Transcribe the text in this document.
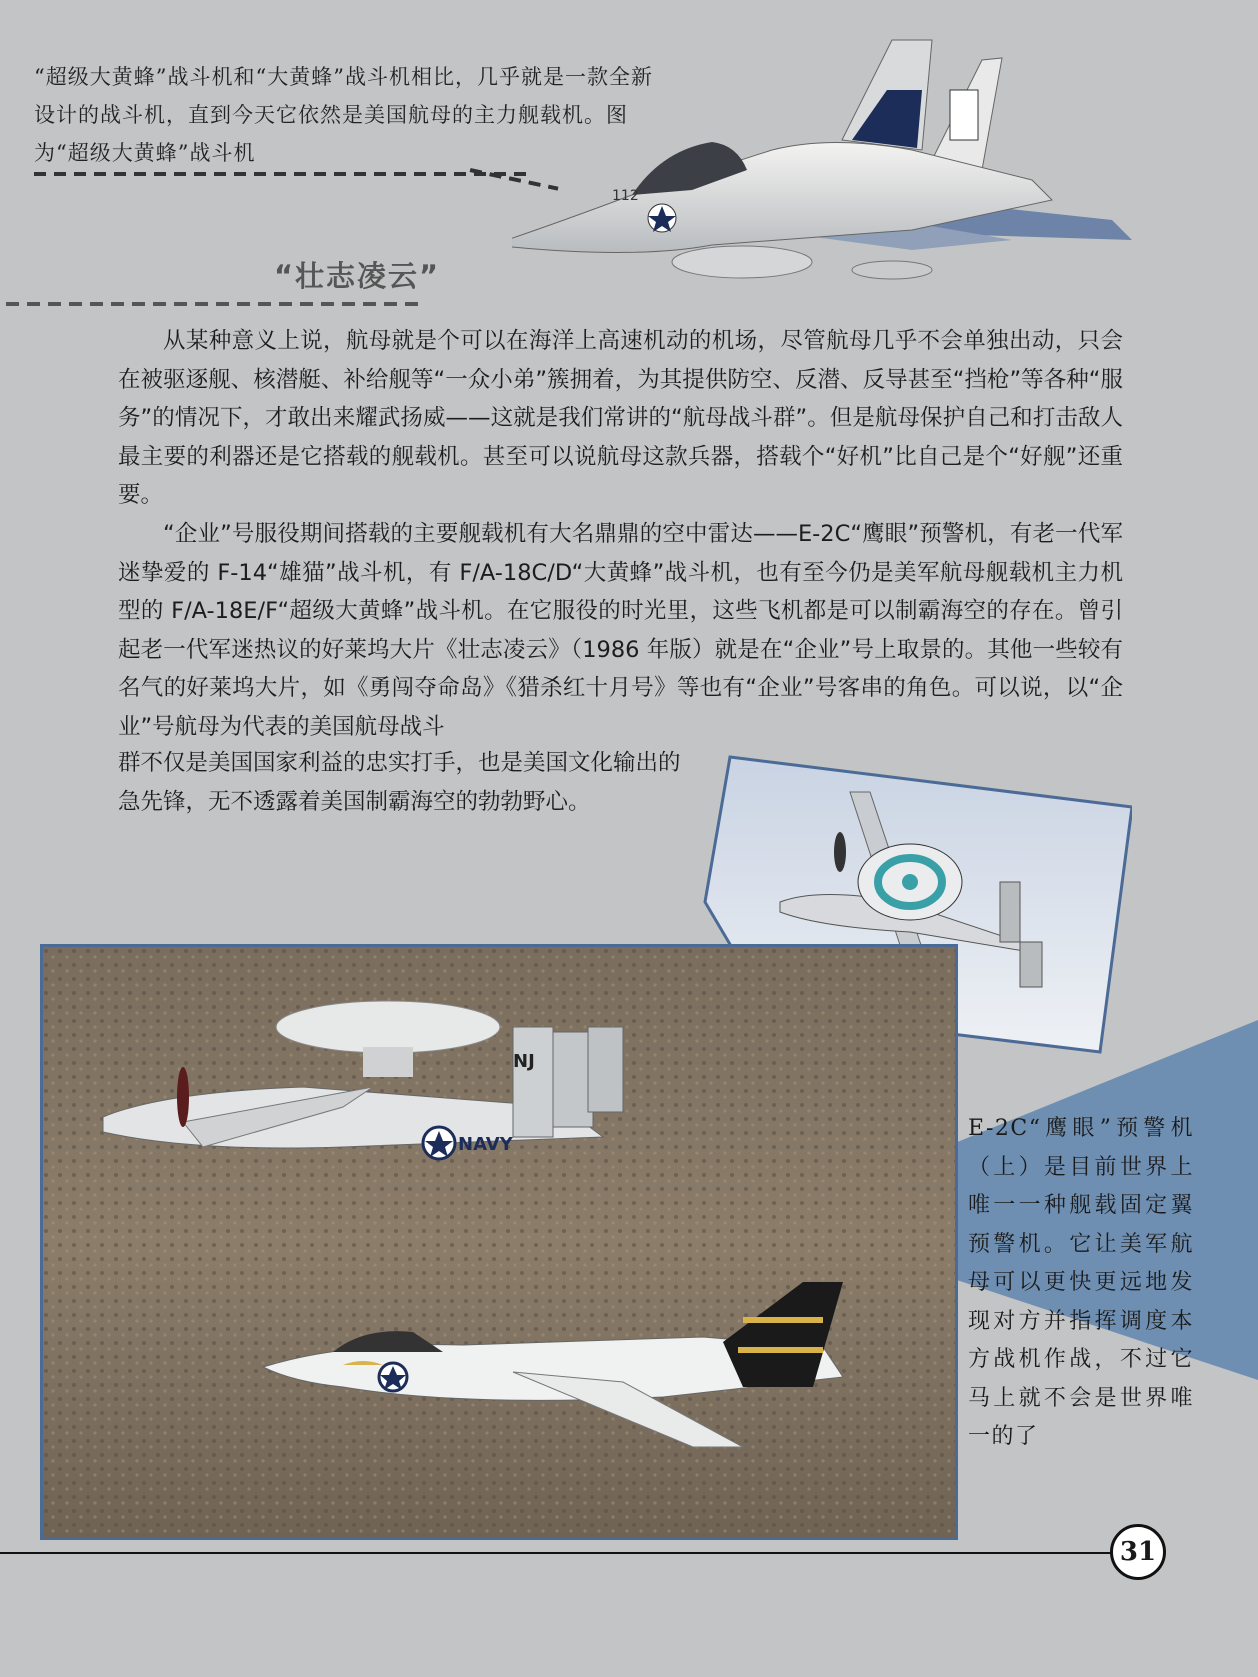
“超级大黄蜂”战斗机和“大黄蜂”战斗机相比，几乎就是一款全新设计的战斗机，直到今天它依然是美国航母的主力舰载机。图为“超级大黄蜂”战斗机
112
“壮志凌云”

从某种意义上说，航母就是个可以在海洋上高速机动的机场，尽管航母几乎不会单独出动，只会在被驱逐舰、核潜艇、补给舰等“一众小弟”簇拥着，为其提供防空、反潜、反导甚至“挡枪”等各种“服务”的情况下，才敢出来耀武扬威——这就是我们常讲的“航母战斗群”。但是航母保护自己和打击敌人最主要的利器还是它搭载的舰载机。甚至可以说航母这款兵器，搭载个“好机”比自己是个“好舰”还重要。

“企业”号服役期间搭载的主要舰载机有大名鼎鼎的空中雷达——E-2C“鹰眼”预警机，有老一代军迷挚爱的 F-14“雄猫”战斗机，有 F/A-18C/D“大黄蜂”战斗机，也有至今仍是美军航母舰载机主力机型的 F/A-18E/F“超级大黄蜂”战斗机。在它服役的时光里，这些飞机都是可以制霸海空的存在。曾引起老一代军迷热议的好莱坞大片《壮志凌云》（1986 年版）就是在“企业”号上取景的。其他一些较有名气的好莱坞大片，如《勇闯夺命岛》《猎杀红十月号》等也有“企业”号客串的角色。可以说，以“企业”号航母为代表的美国航母战斗

群不仅是美国国家利益的忠实打手，也是美国文化输出的急先锋，无不透露着美国制霸海空的勃勃野心。
NAVY
NJ
E-2C“鹰眼”预警机（上）是目前世界上唯一一种舰载固定翼预警机。它让美军航母可以更快更远地发现对方并指挥调度本方战机作战，不过它马上就不会是世界唯一的了
31
